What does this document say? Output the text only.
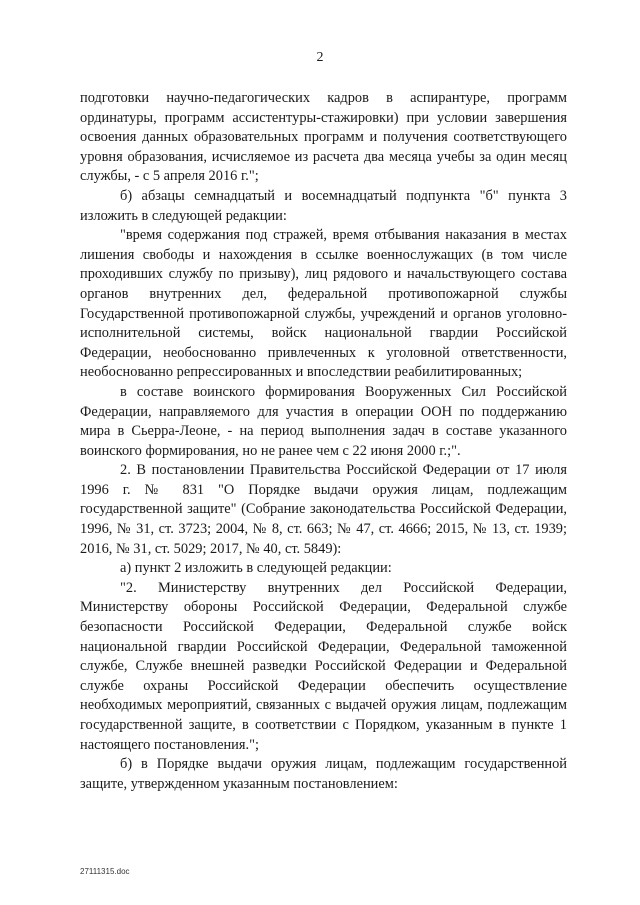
2

подготовки научно-педагогических кадров в аспирантуре, программ ординатуры, программ ассистентуры-стажировки) при условии завершения освоения данных образовательных программ и получения соответствующего уровня образования, исчисляемое из расчета два месяца учебы за один месяц службы, - с 5 апреля 2016 г.";

б) абзацы семнадцатый и восемнадцатый подпункта "б" пункта 3 изложить в следующей редакции:

"время содержания под стражей, время отбывания наказания в местах лишения свободы и нахождения в ссылке военнослужащих (в том числе проходивших службу по призыву), лиц рядового и начальствующего состава органов внутренних дел, федеральной противопожарной службы Государственной противопожарной службы, учреждений и органов уголовно-исполнительной системы, войск национальной гвардии Российской Федерации, необоснованно привлеченных к уголовной ответственности, необоснованно репрессированных и впоследствии реабилитированных;

в составе воинского формирования Вооруженных Сил Российской Федерации, направляемого для участия в операции ООН по поддержанию мира в Сьерра-Леоне, - на период выполнения задач в составе указанного воинского формирования, но не ранее чем с 22 июня 2000 г.;".

2. В постановлении Правительства Российской Федерации от 17 июля 1996 г. № 831 "О Порядке выдачи оружия лицам, подлежащим государственной защите" (Собрание законодательства Российской Федерации, 1996, № 31, ст. 3723; 2004, № 8, ст. 663; № 47, ст. 4666; 2015, № 13, ст. 1939; 2016, № 31, ст. 5029; 2017, № 40, ст. 5849):

а) пункт 2 изложить в следующей редакции:

"2. Министерству внутренних дел Российской Федерации, Министерству обороны Российской Федерации, Федеральной службе безопасности Российской Федерации, Федеральной службе войск национальной гвардии Российской Федерации, Федеральной таможенной службе, Службе внешней разведки Российской Федерации и Федеральной службе охраны Российской Федерации обеспечить осуществление необходимых мероприятий, связанных с выдачей оружия лицам, подлежащим государственной защите, в соответствии с Порядком, указанным в пункте 1 настоящего постановления.";

б) в Порядке выдачи оружия лицам, подлежащим государственной защите, утвержденном указанным постановлением:

27111315.doc
